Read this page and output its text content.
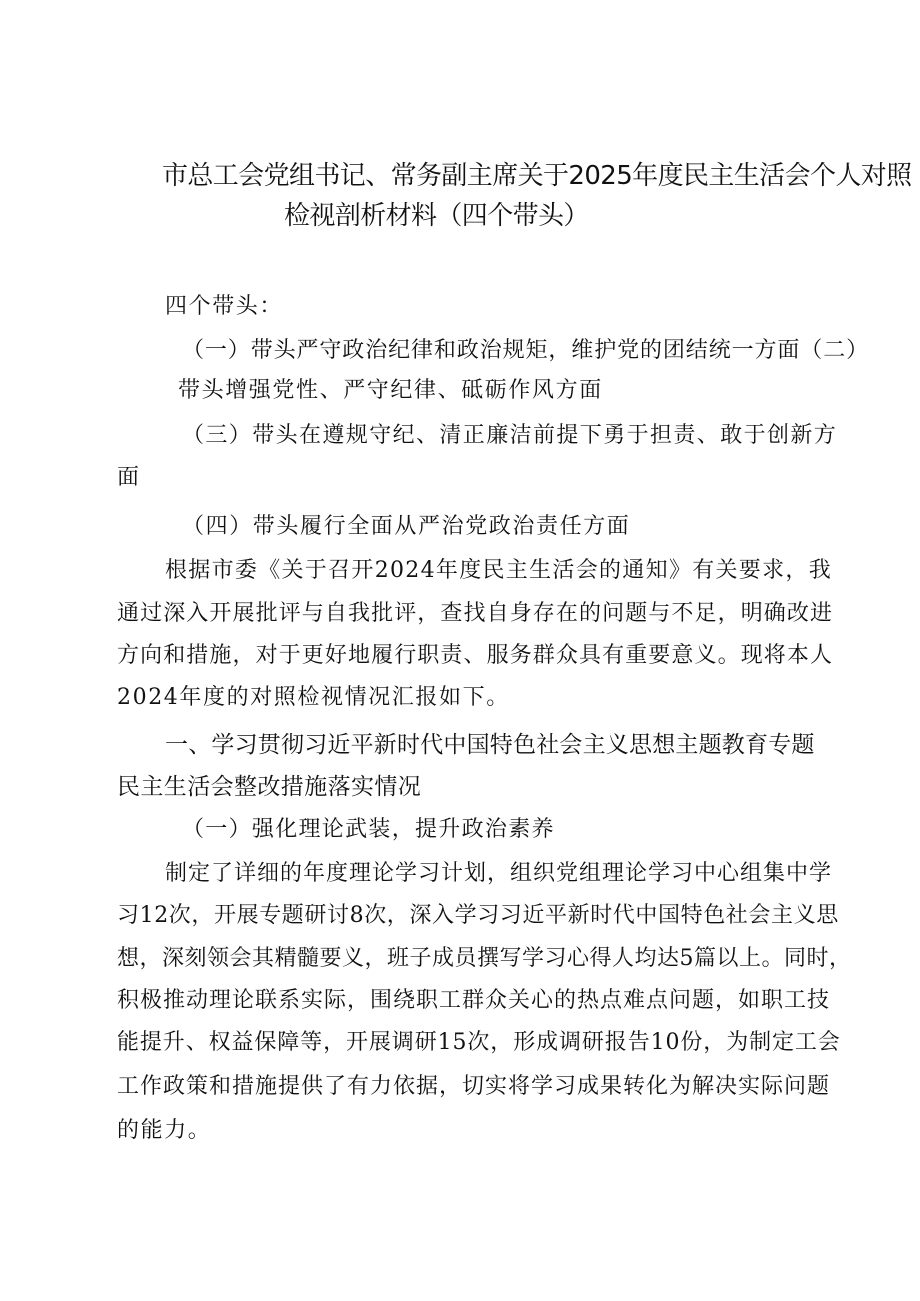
市总工会党组书记、常务副主席关于2025年度民主生活会个人对照
检视剖析材料（四个带头）
四个带头：
（一）带头严守政治纪律和政治规矩，维护党的团结统一方面（二）
带头增强党性、严守纪律、砥砺作风方面
（三）带头在遵规守纪、清正廉洁前提下勇于担责、敢于创新方
面
（四）带头履行全面从严治党政治责任方面
根据市委《关于召开2024年度民主生活会的通知》有关要求，我
通过深入开展批评与自我批评，查找自身存在的问题与不足，明确改进
方向和措施，对于更好地履行职责、服务群众具有重要意义。现将本人
2024年度的对照检视情况汇报如下。
一、学习贯彻习近平新时代中国特色社会主义思想主题教育专题
民主生活会整改措施落实情况
（一）强化理论武装，提升政治素养
制定了详细的年度理论学习计划，组织党组理论学习中心组集中学
习12次，开展专题研讨8次，深入学习习近平新时代中国特色社会主义思
想，深刻领会其精髓要义，班子成员撰写学习心得人均达5篇以上。同时，
积极推动理论联系实际，围绕职工群众关心的热点难点问题，如职工技
能提升、权益保障等，开展调研15次，形成调研报告10份，为制定工会
工作政策和措施提供了有力依据，切实将学习成果转化为解决实际问题
的能力。
